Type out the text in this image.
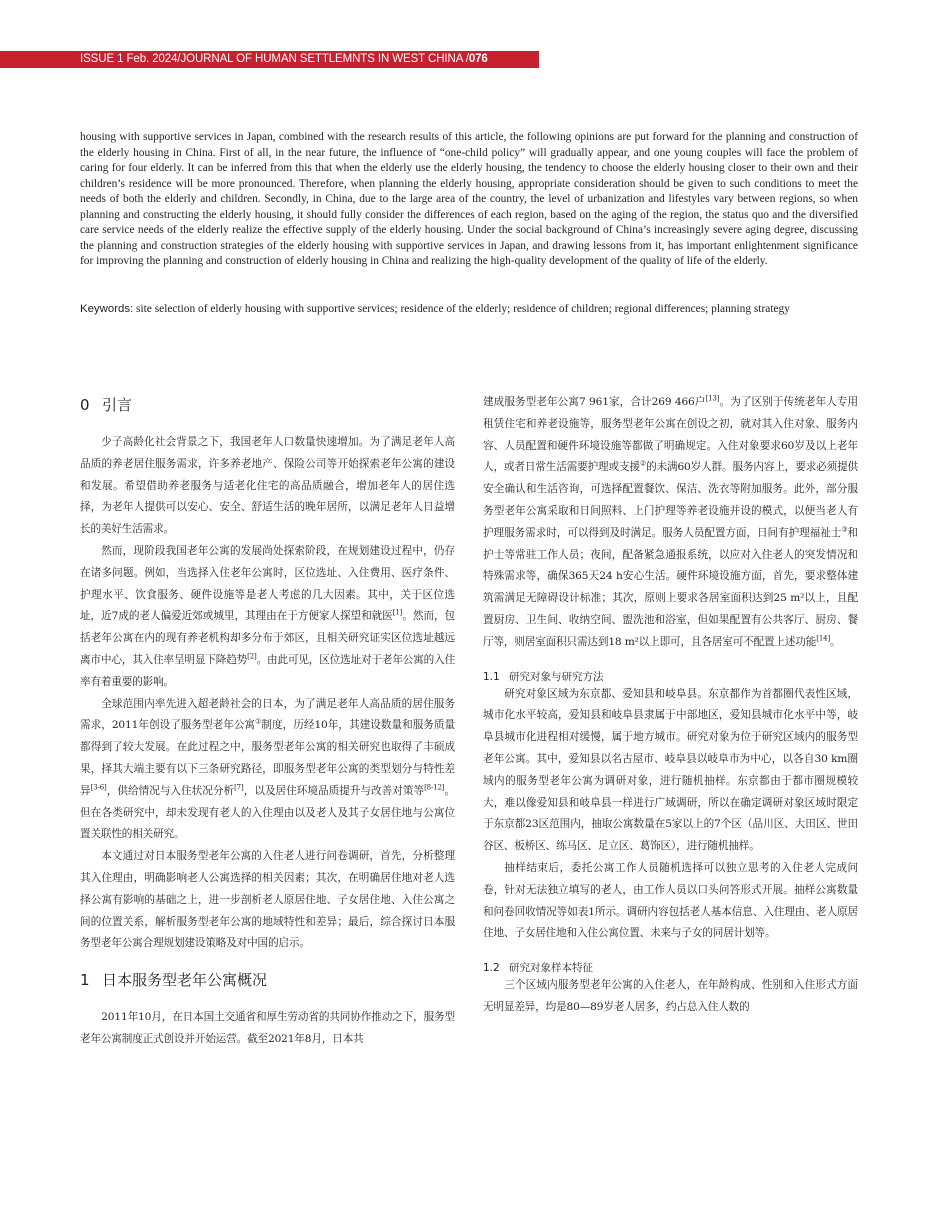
ISSUE 1 Feb. 2024/JOURNAL OF HUMAN SETTLEMNTS IN WEST CHINA /076

housing with supportive services in Japan, combined with the research results of this article, the following opinions are put forward for the planning and construction of the elderly housing in China. First of all, in the near future, the influence of “one-child policy” will gradually appear, and one young couples will face the problem of caring for four elderly. It can be inferred from this that when the elderly use the elderly housing, the tendency to choose the elderly housing closer to their own and their children’s residence will be more pronounced. Therefore, when planning the elderly housing, appropriate consideration should be given to such conditions to meet the needs of both the elderly and children. Secondly, in China, due to the large area of the country, the level of urbanization and lifestyles vary between regions, so when planning and constructing the elderly housing, it should fully consider the differences of each region, based on the aging of the region, the status quo and the diversified care service needs of the elderly realize the effective supply of the elderly housing. Under the social background of China’s increasingly severe aging degree, discussing the planning and construction strategies of the elderly housing with supportive services in Japan, and drawing lessons from it, has important enlightenment significance for improving the planning and construction of elderly housing in China and realizing the high-quality development of the quality of life of the elderly.

Keywords: site selection of elderly housing with supportive services; residence of the elderly; residence of children; regional differences; planning strategy

0 引言

少子高龄化社会背景之下，我国老年人口数量快速增加。为了满足老年人高品质的养老居住服务需求，许多养老地产、保险公司等开始探索老年公寓的建设和发展。希望借助养老服务与适老化住宅的高品质融合，增加老年人的居住选择，为老年人提供可以安心、安全、舒适生活的晚年居所，以满足老年人日益增长的美好生活需求。

然而，现阶段我国老年公寓的发展尚处探索阶段，在规划建设过程中，仍存在诸多问题。例如，当选择入住老年公寓时，区位选址、入住费用、医疗条件、护理水平、饮食服务、硬件设施等是老人考虑的几大因素。其中，关于区位选址，近7成的老人偏爱近郊或城里，其理由在于方便家人探望和就医[1]。然而，包括老年公寓在内的现有养老机构却多分布于郊区，且相关研究证实区位选址越远离市中心，其入住率呈明显下降趋势[2]。由此可见，区位选址对于老年公寓的入住率有着重要的影响。

全球范围内率先进入超老龄社会的日本，为了满足老年人高品质的居住服务需求，2011年创设了服务型老年公寓①制度，历经10年，其建设数量和服务质量都得到了较大发展。在此过程之中，服务型老年公寓的相关研究也取得了丰硕成果，择其大端主要有以下三条研究路径，即服务型老年公寓的类型划分与特性差异[3-6]，供给情况与入住状况分析[7]，以及居住环境品质提升与改善对策等[8-12]。但在各类研究中，却未发现有老人的入住理由以及老人及其子女居住地与公寓位置关联性的相关研究。

本文通过对日本服务型老年公寓的入住老人进行问卷调研，首先，分析整理其入住理由，明确影响老人公寓选择的相关因素；其次，在明确居住地对老人选择公寓有影响的基础之上，进一步剖析老人原居住地、子女居住地、入住公寓之间的位置关系，解析服务型老年公寓的地域特性和差异；最后，综合探讨日本服务型老年公寓合理规划建设策略及对中国的启示。

1 日本服务型老年公寓概况

2011年10月，在日本国土交通省和厚生劳动省的共同协作推动之下，服务型老年公寓制度正式创设并开始运营。截至2021年8月，日本共

建成服务型老年公寓7 961家，合计269 466户[13]。为了区别于传统老年人专用租赁住宅和养老设施等，服务型老年公寓在创设之初，就对其入住对象、服务内容、人员配置和硬件环境设施等都做了明确规定。入住对象要求60岁及以上老年人，或者日常生活需要护理或支援②的未满60岁人群。服务内容上，要求必须提供安全确认和生活咨询，可选择配置餐饮、保洁、洗衣等附加服务。此外，部分服务型老年公寓采取和日间照料、上门护理等养老设施并设的模式，以便当老人有护理服务需求时，可以得到及时满足。服务人员配置方面，日间有护理福祉士③和护士等常驻工作人员；夜间，配备紧急通报系统，以应对入住老人的突发情况和特殊需求等，确保365天24 h安心生活。硬件环境设施方面，首先，要求整体建筑需满足无障碍设计标准；其次，原则上要求各居室面积达到25 m²以上，且配置厨房、卫生间、收纳空间、盥洗池和浴室，但如果配置有公共客厅、厨房、餐厅等，则居室面积只需达到18 m²以上即可，且各居室可不配置上述功能[14]。

1.1 研究对象与研究方法

研究对象区域为东京都、爱知县和岐阜县。东京都作为首都圈代表性区域，城市化水平较高，爱知县和岐阜县隶属于中部地区，爱知县城市化水平中等，岐阜县城市化进程相对缓慢，属于地方城市。研究对象为位于研究区域内的服务型老年公寓。其中，爱知县以名古屋市、岐阜县以岐阜市为中心，以各自30 km圈域内的服务型老年公寓为调研对象，进行随机抽样。东京都由于都市圈规模较大，难以像爱知县和岐阜县一样进行广域调研，所以在确定调研对象区域时限定于东京都23区范围内，抽取公寓数量在5家以上的7个区（品川区、大田区、世田谷区、板桥区、练马区、足立区、葛饰区），进行随机抽样。

抽样结束后，委托公寓工作人员随机选择可以独立思考的入住老人完成问卷，针对无法独立填写的老人，由工作人员以口头问答形式开展。抽样公寓数量和问卷回收情况等如表1所示。调研内容包括老人基本信息、入住理由、老人原居住地、子女居住地和入住公寓位置、未来与子女的同居计划等。

1.2 研究对象样本特征

三个区域内服务型老年公寓的入住老人，在年龄构成、性别和入住形式方面无明显差异，均是80—89岁老人居多，约占总入住人数的
